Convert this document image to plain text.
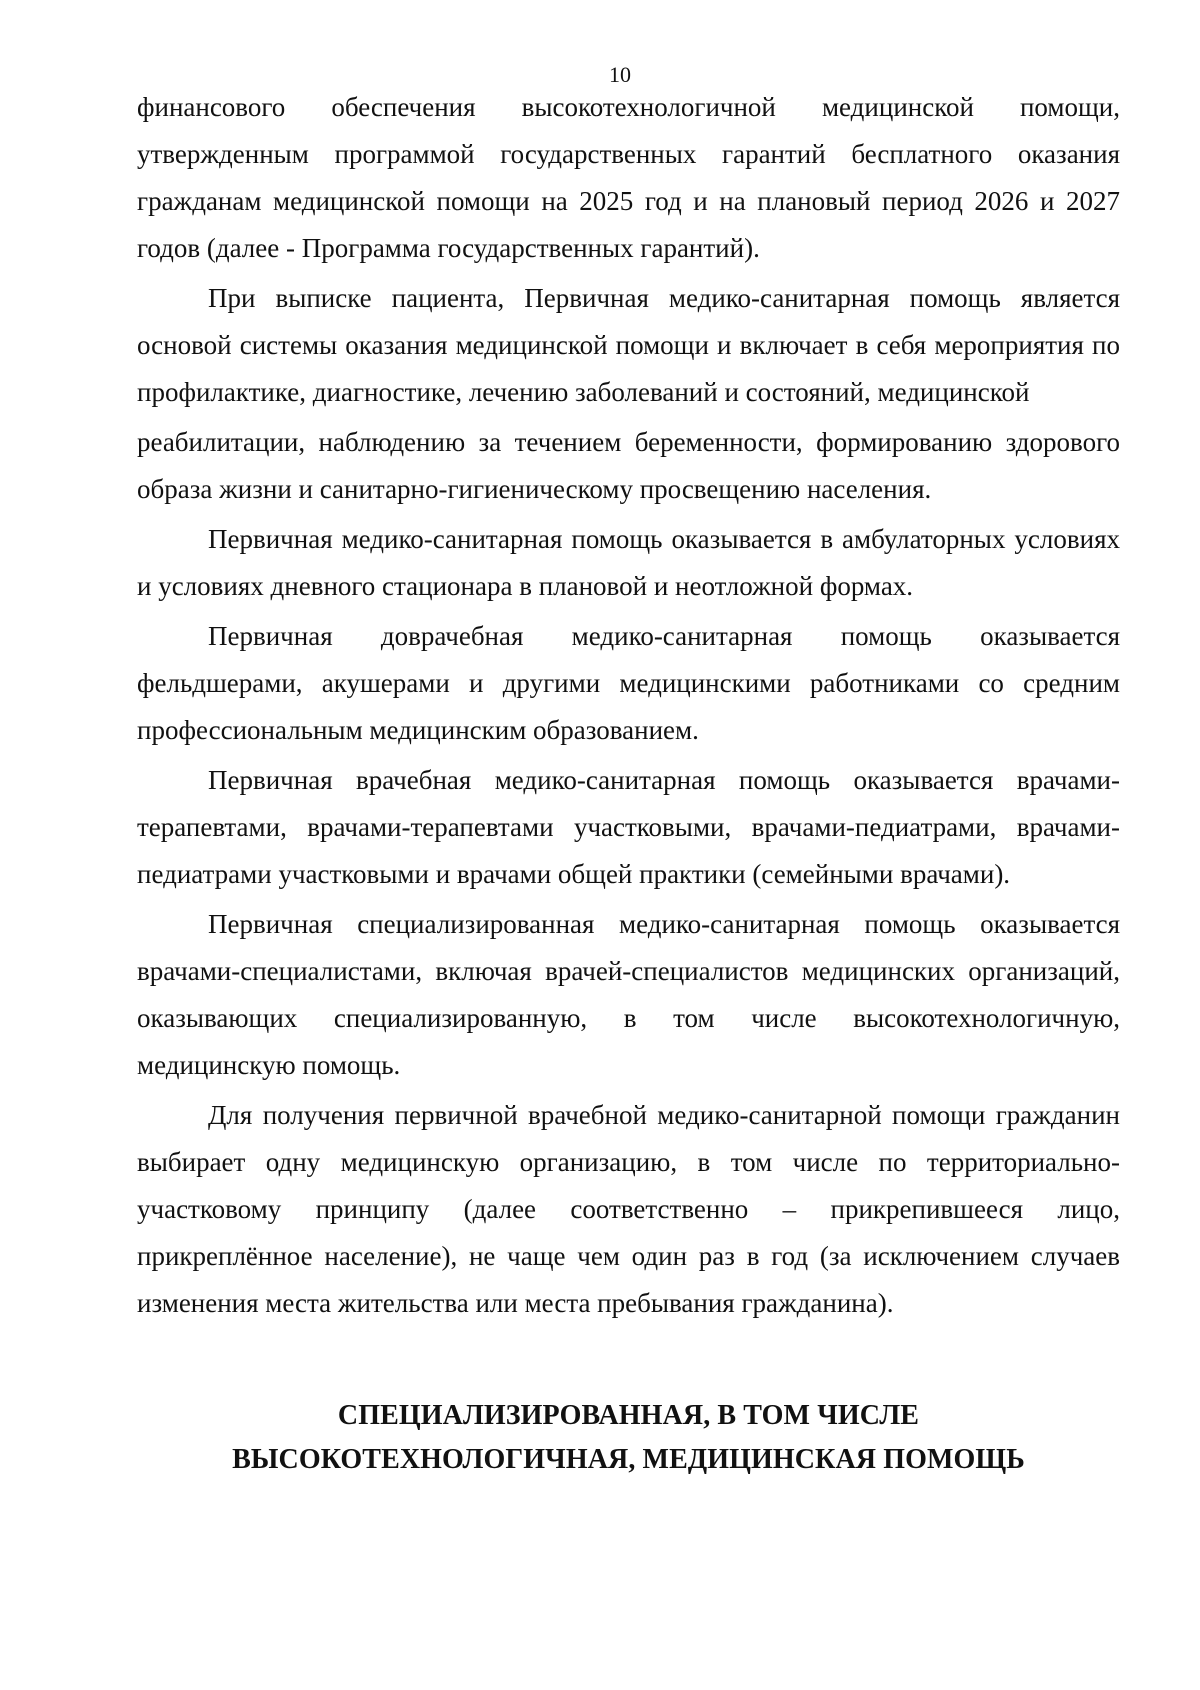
10

финансового обеспечения высокотехнологичной медицинской помощи, утвержденным программой государственных гарантий бесплатного оказания гражданам медицинской помощи на 2025 год и на плановый период 2026 и 2027 годов (далее - Программа государственных гарантий).

При выписке пациента, Первичная медико-санитарная помощь является основой системы оказания медицинской помощи и включает в себя мероприятия по профилактике, диагностике, лечению заболеваний и состояний, медицинской

реабилитации, наблюдению за течением беременности, формированию здорового образа жизни и санитарно-гигиеническому просвещению населения.

Первичная медико-санитарная помощь оказывается в амбулаторных условиях и условиях дневного стационара в плановой и неотложной формах.

Первичная доврачебная медико-санитарная помощь оказывается фельдшерами, акушерами и другими медицинскими работниками со средним профессиональным медицинским образованием.

Первичная врачебная медико-санитарная помощь оказывается врачами-терапевтами, врачами-терапевтами участковыми, врачами-педиатрами, врачами-педиатрами участковыми и врачами общей практики (семейными врачами).

Первичная специализированная медико-санитарная помощь оказывается врачами-специалистами, включая врачей-специалистов медицинских организаций, оказывающих специализированную, в том числе высокотехнологичную, медицинскую помощь.

Для получения первичной врачебной медико-санитарной помощи гражданин выбирает одну медицинскую организацию, в том числе по территориально-участковому принципу (далее соответственно – прикрепившееся лицо, прикреплённое население), не чаще чем один раз в год (за исключением случаев изменения места жительства или места пребывания гражданина).

СПЕЦИАЛИЗИРОВАННАЯ, В ТОМ ЧИСЛЕ
ВЫСОКОТЕХНОЛОГИЧНАЯ, МЕДИЦИНСКАЯ ПОМОЩЬ
